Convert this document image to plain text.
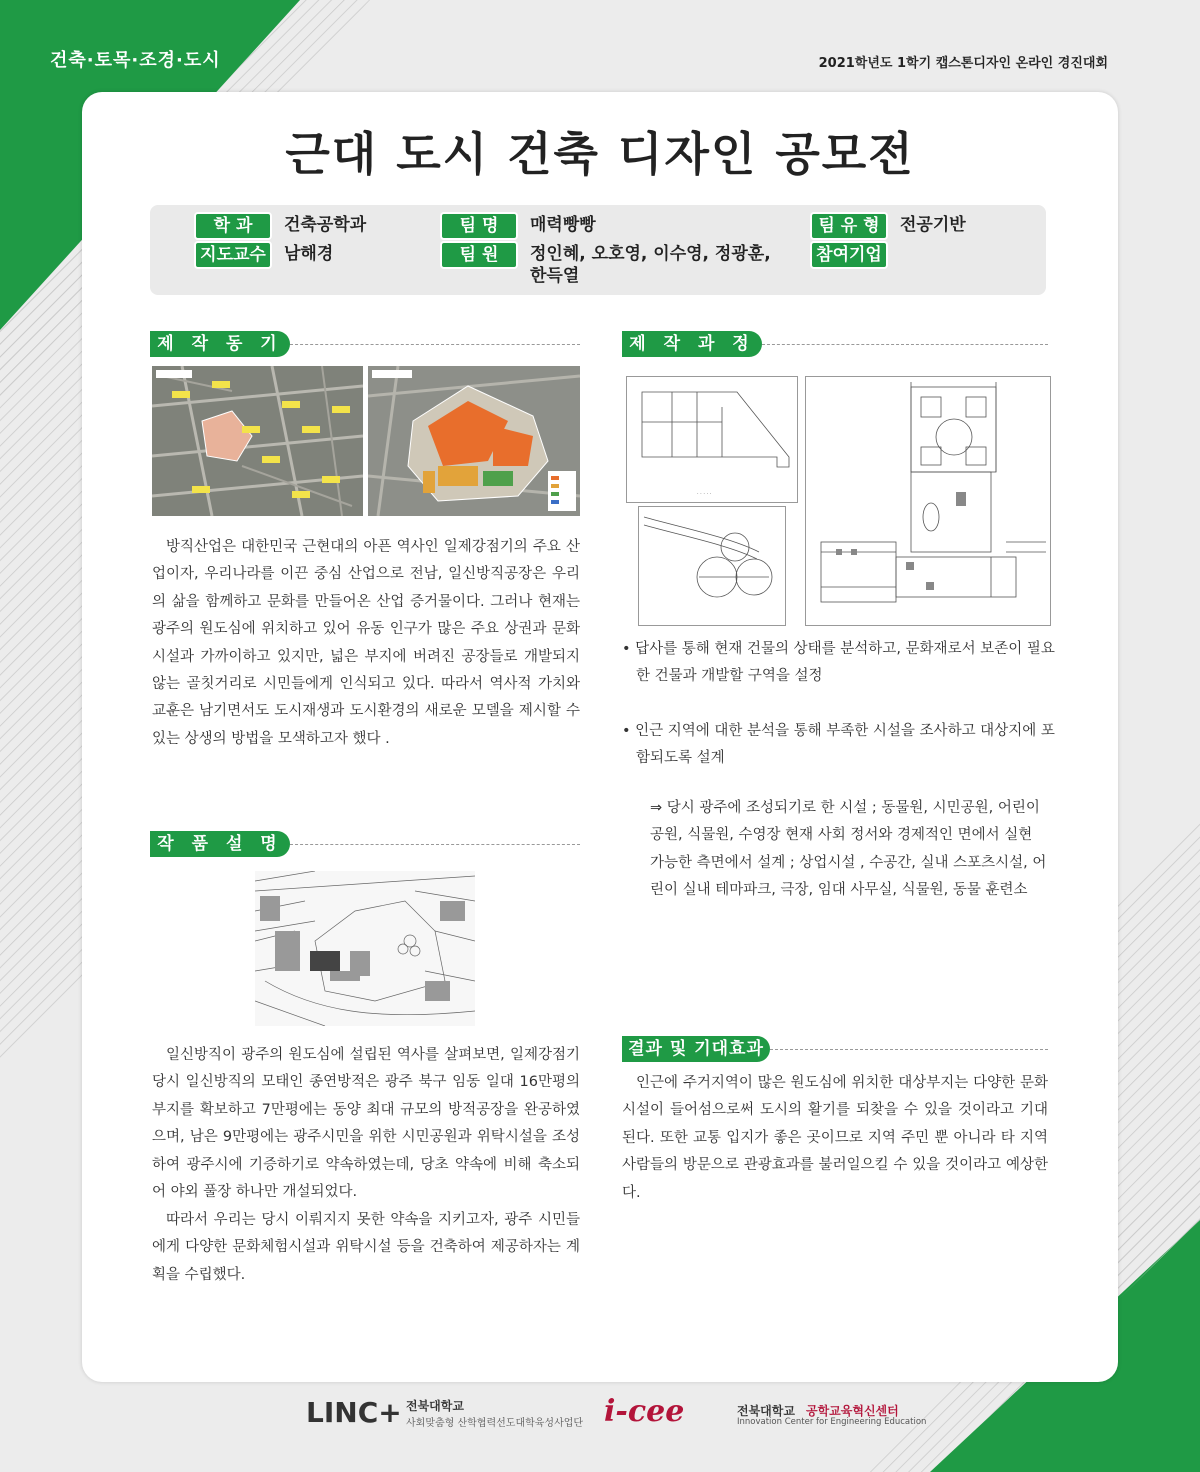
건축·토목·조경·도시	2021학년도 1학기 캡스톤디자인 온라인 경진대회
근대 도시 건축 디자인 공모전
학 과	건축공학과
지도교수	남해경
팀 명	매력빵빵
팀 원	정인혜, 오호영, 이수영, 정광훈,
한득열
팀 유 형	전공기반
참여기업
제 작 동 기

방직산업은 대한민국 근현대의 아픈 역사인 일제강점기의 주요 산업이자, 우리나라를 이끈 중심 산업으로 전남, 일신방직공장은 우리의 삶을 함께하고 문화를 만들어온 산업 증거물이다. 그러나 현재는 광주의 원도심에 위치하고 있어 유동 인구가 많은 주요 상권과 문화시설과 가까이하고 있지만, 넓은 부지에 버려진 공장들로 개발되지 않는 골칫거리로 시민들에게 인식되고 있다. 따라서 역사적 가치와 교훈은 남기면서도 도시재생과 도시환경의 새로운 모델을 제시할 수 있는 상생의 방법을 모색하고자 했다 .

작 품 설 명

일신방직이 광주의 원도심에 설립된 역사를 살펴보면, 일제강점기 당시 일신방직의 모태인 종연방적은 광주 북구 임동 일대 16만평의 부지를 확보하고 7만평에는 동양 최대 규모의 방적공장을 완공하였으며, 남은 9만평에는 광주시민을 위한 시민공원과 위탁시설을 조성하여 광주시에 기증하기로 약속하였는데, 당초 약속에 비해 축소되어 야외 풀장 하나만 개설되었다.

따라서 우리는 당시 이뤄지지 못한 약속을 지키고자, 광주 시민들에게 다양한 문화체험시설과 위탁시설 등을 건축하여 제공하자는 계획을 수립했다.

제 작 과 정
· · · · ·

• 답사를 통해 현재 건물의 상태를 분석하고, 문화재로서 보존이 필요한 건물과 개발할 구역을 설정

• 인근 지역에 대한 분석을 통해 부족한 시설을 조사하고 대상지에 포함되도록 설계

⇒ 당시 광주에 조성되기로 한 시설 ; 동물원, 시민공원, 어린이 공원, 식물원, 수영장 현재 사회 정서와 경제적인 면에서 실현 가능한 측면에서 설계 ; 상업시설 , 수공간, 실내 스포츠시설, 어린이 실내 테마파크, 극장, 임대 사무실, 식물원, 동물 훈련소

결과 및 기대효과

인근에 주거지역이 많은 원도심에 위치한 대상부지는 다양한 문화시설이 들어섬으로써 도시의 활기를 되찾을 수 있을 것이라고 기대된다. 또한 교통 입지가 좋은 곳이므로 지역 주민 뿐 아니라 타 지역 사람들의 방문으로 관광효과를 불러일으킬 수 있을 것이라고 예상한다.

LINC+ 전북대학교
사회맞춤형 산학협력선도대학육성사업단 i-cee	전북대학교 공학교육혁신센터
Innovation Center for Engineering Education
